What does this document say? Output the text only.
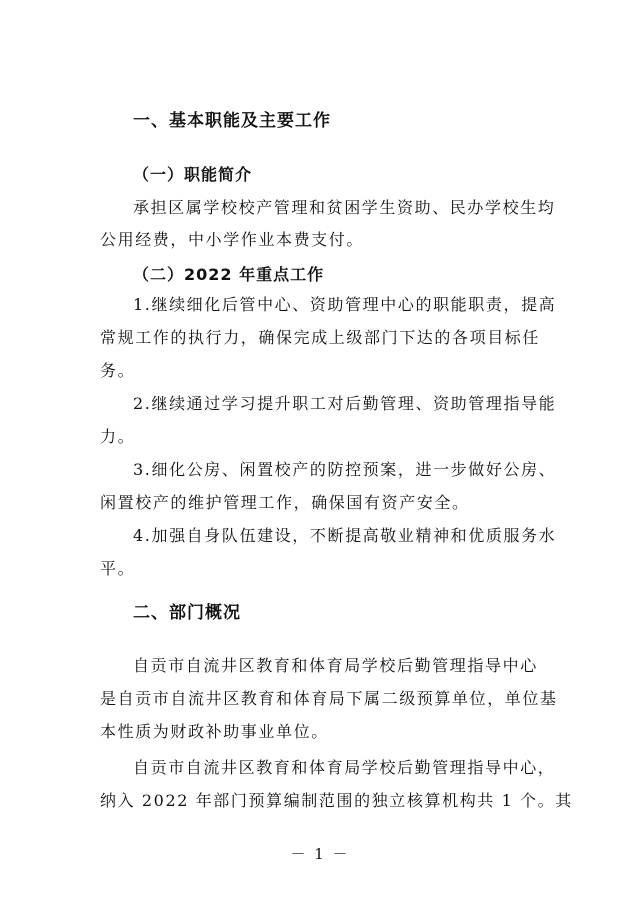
一、基本职能及主要工作
（一）职能简介
承担区属学校校产管理和贫困学生资助、民办学校生均
公用经费，中小学作业本费支付。
（二）2022 年重点工作
1.继续细化后管中心、资助管理中心的职能职责，提高
常规工作的执行力，确保完成上级部门下达的各项目标任
务。
2.继续通过学习提升职工对后勤管理、资助管理指导能
力。
3.细化公房、闲置校产的防控预案，进一步做好公房、
闲置校产的维护管理工作，确保国有资产安全。
4.加强自身队伍建设，不断提高敬业精神和优质服务水
平。
二、部门概况
自贡市自流井区教育和体育局学校后勤管理指导中心
是自贡市自流井区教育和体育局下属二级预算单位，单位基
本性质为财政补助事业单位。
自贡市自流井区教育和体育局学校后勤管理指导中心，
纳入 2022 年部门预算编制范围的独立核算机构共 1 个。其
－ 1 －
